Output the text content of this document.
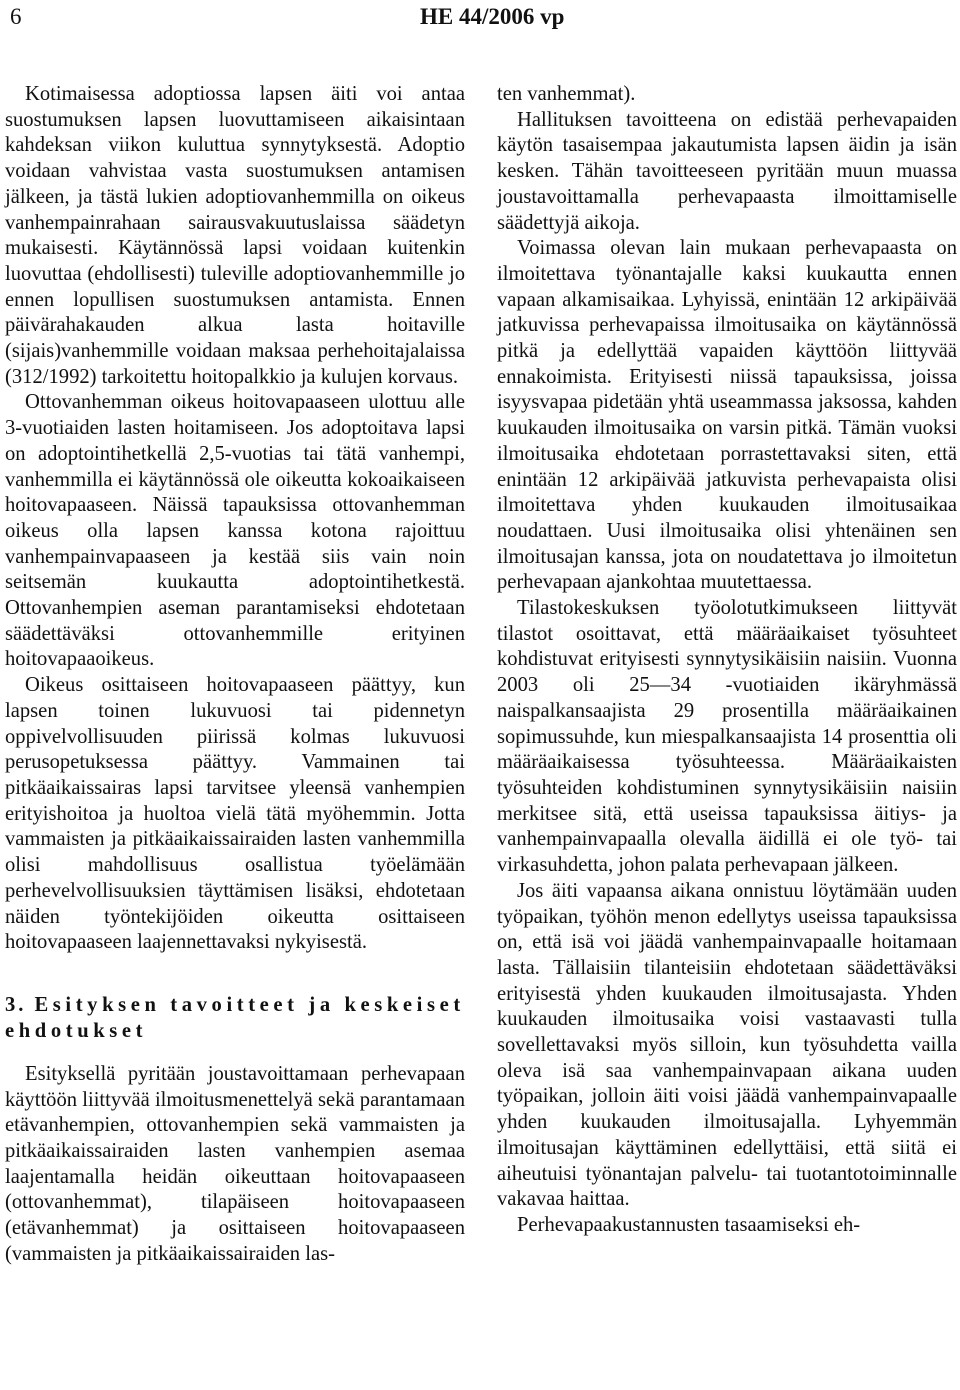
6	HE 44/2006 vp

Kotimaisessa adoptiossa lapsen äiti voi antaa suostumuksen lapsen luovuttamiseen aikaisintaan kahdeksan viikon kuluttua synnytyksestä. Adoptio voidaan vahvistaa vasta suostumuksen antamisen jälkeen, ja tästä lukien adoptiovanhemmilla on oikeus vanhempainrahaan sairausvakuutuslaissa säädetyn mukaisesti. Käytännössä lapsi voidaan kuitenkin luovuttaa (ehdollisesti) tuleville adoptiovanhemmille jo ennen lopullisen suostumuksen antamista. Ennen päivärahakauden alkua lasta hoitaville (sijais)vanhemmille voidaan maksaa perhehoitajalaissa (312/1992) tarkoitettu hoitopalkkio ja kulujen korvaus.

Ottovanhemman oikeus hoitovapaaseen ulottuu alle 3-vuotiaiden lasten hoitamiseen. Jos adoptoitava lapsi on adoptointihetkellä 2,5-vuotias tai tätä vanhempi, vanhemmilla ei käytännössä ole oikeutta kokoaikaiseen hoitovapaaseen. Näissä tapauksissa ottovanhemman oikeus olla lapsen kanssa kotona rajoittuu vanhempainvapaaseen ja kestää siis vain noin seitsemän kuukautta adoptointihetkestä. Ottovanhempien aseman parantamiseksi ehdotetaan säädettäväksi ottovanhemmille erityinen hoitovapaaoikeus.

Oikeus osittaiseen hoitovapaaseen päättyy, kun lapsen toinen lukuvuosi tai pidennetyn oppivelvollisuuden piirissä kolmas lukuvuosi perusopetuksessa päättyy. Vammainen tai pitkäaikaissairas lapsi tarvitsee yleensä vanhempien erityishoitoa ja huoltoa vielä tätä myöhemmin. Jotta vammaisten ja pitkäaikaissairaiden lasten vanhemmilla olisi mahdollisuus osallistua työelämään perhevelvollisuuksien täyttämisen lisäksi, ehdotetaan näiden työntekijöiden oikeutta osittaiseen hoitovapaaseen laajennettavaksi nykyisestä.

3. Esityksen tavoitteet ja keskeiset ehdotukset

Esityksellä pyritään joustavoittamaan perhevapaan käyttöön liittyvää ilmoitusmenettelyä sekä parantamaan etävanhempien, ottovanhempien sekä vammaisten ja pitkäaikaissairaiden lasten vanhempien asemaa laajentamalla heidän oikeuttaan hoitovapaaseen (ottovanhemmat), tilapäiseen hoitovapaaseen (etävanhemmat) ja osittaiseen hoitovapaaseen (vammaisten ja pitkäaikaissairaiden las-

ten vanhemmat).

Hallituksen tavoitteena on edistää perhevapaiden käytön tasaisempaa jakautumista lapsen äidin ja isän kesken. Tähän tavoitteeseen pyritään muun muassa joustavoittamalla perhevapaasta ilmoittamiselle säädettyjä aikoja.

Voimassa olevan lain mukaan perhevapaasta on ilmoitettava työnantajalle kaksi kuukautta ennen vapaan alkamisaikaa. Lyhyissä, enintään 12 arkipäivää jatkuvissa perhevapaissa ilmoitusaika on käytännössä pitkä ja edellyttää vapaiden käyttöön liittyvää ennakoimista. Erityisesti niissä tapauksissa, joissa isyysvapaa pidetään yhtä useammassa jaksossa, kahden kuukauden ilmoitusaika on varsin pitkä. Tämän vuoksi ilmoitusaika ehdotetaan porrastettavaksi siten, että enintään 12 arkipäivää jatkuvista perhevapaista olisi ilmoitettava yhden kuukauden ilmoitusaikaa noudattaen. Uusi ilmoitusaika olisi yhtenäinen sen ilmoitusajan kanssa, jota on noudatettava jo ilmoitetun perhevapaan ajankohtaa muutettaessa.

Tilastokeskuksen työolotutkimukseen liittyvät tilastot osoittavat, että määräaikaiset työsuhteet kohdistuvat erityisesti synnytysikäisiin naisiin. Vuonna 2003 oli 25—34 -vuotiaiden ikäryhmässä naispalkansaajista 29 prosentilla määräaikainen sopimussuhde, kun miespalkansaajista 14 prosenttia oli määräaikaisessa työsuhteessa. Määräaikaisten työsuhteiden kohdistuminen synnytysikäisiin naisiin merkitsee sitä, että useissa tapauksissa äitiys- ja vanhempainvapaalla olevalla äidillä ei ole työ- tai virkasuhdetta, johon palata perhevapaan jälkeen.

Jos äiti vapaansa aikana onnistuu löytämään uuden työpaikan, työhön menon edellytys useissa tapauksissa on, että isä voi jäädä vanhempainvapaalle hoitamaan lasta. Tällaisiin tilanteisiin ehdotetaan säädettäväksi erityisestä yhden kuukauden ilmoitusajasta. Yhden kuukauden ilmoitusaika voisi vastaavasti tulla sovellettavaksi myös silloin, kun työsuhdetta vailla oleva isä saa vanhempainvapaan aikana uuden työpaikan, jolloin äiti voisi jäädä vanhempainvapaalle yhden kuukauden ilmoitusajalla. Lyhyemmän ilmoitusajan käyttäminen edellyttäisi, että siitä ei aiheutuisi työnantajan palvelu- tai tuotantotoiminnalle vakavaa haittaa.

Perhevapaakustannusten tasaamiseksi eh-
